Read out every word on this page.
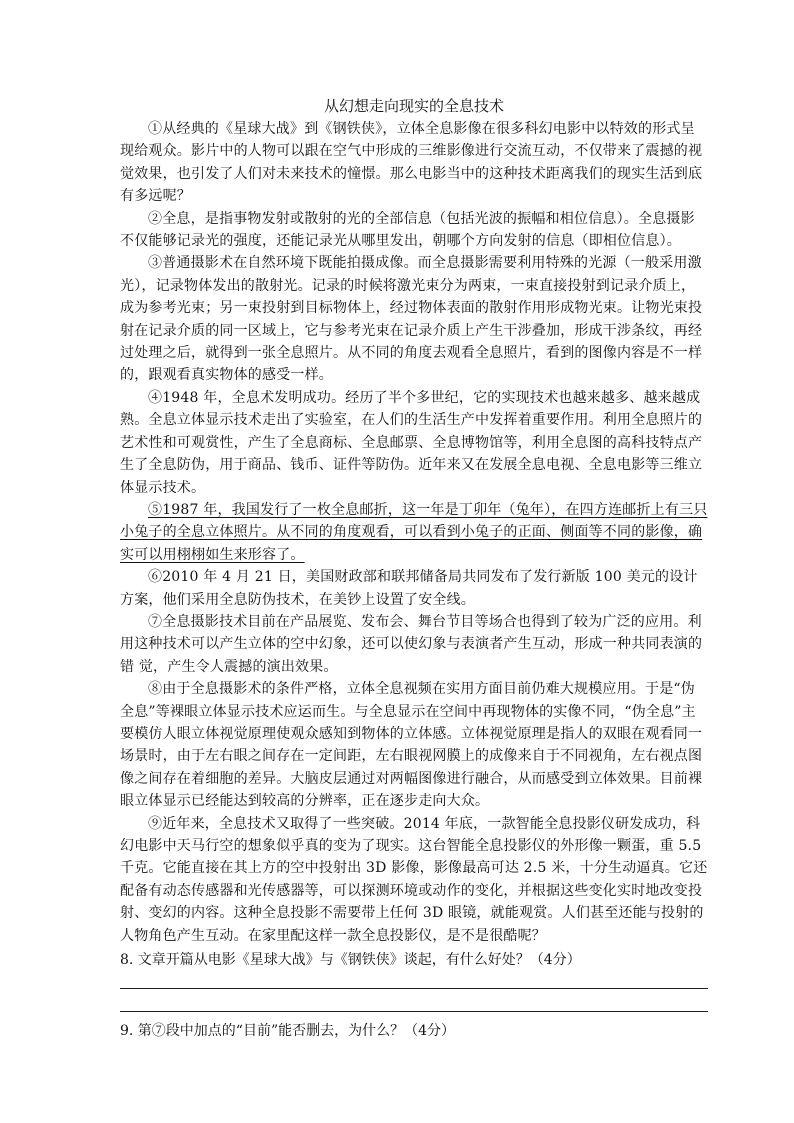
从幻想走向现实的全息技术

①从经典的《星球大战》到《钢铁侠》，立体全息影像在很多科幻电影中以特效的形式呈现给观众。影片中的人物可以跟在空气中形成的三维影像进行交流互动，不仅带来了震撼的视觉效果，也引发了人们对未来技术的憧憬。那么电影当中的这种技术距离我们的现实生活到底有多远呢？

②全息，是指事物发射或散射的光的全部信息（包括光波的振幅和相位信息）。全息摄影不仅能够记录光的强度，还能记录光从哪里发出，朝哪个方向发射的信息（即相位信息）。

③普通摄影术在自然环境下既能拍摄成像。而全息摄影需要利用特殊的光源（一般采用激光），记录物体发出的散射光。记录的时候将激光束分为两束，一束直接投射到记录介质上，成为参考光束；另一束投射到目标物体上，经过物体表面的散射作用形成物光束。让物光束投射在记录介质的同一区域上，它与参考光束在记录介质上产生干涉叠加，形成干涉条纹，再经过处理之后，就得到一张全息照片。从不同的角度去观看全息照片，看到的图像内容是不一样的，跟观看真实物体的感受一样。

④1948 年，全息术发明成功。经历了半个多世纪，它的实现技术也越来越多、越来越成熟。全息立体显示技术走出了实验室，在人们的生活生产中发挥着重要作用。利用全息照片的艺术性和可观赏性，产生了全息商标、全息邮票、全息博物馆等，利用全息图的高科技特点产生了全息防伪，用于商品、钱币、证件等防伪。近年来又在发展全息电视、全息电影等三维立体显示技术。

⑤1987 年，我国发行了一枚全息邮折，这一年是丁卯年（兔年），在四方连邮折上有三只小兔子的全息立体照片。从不同的角度观看，可以看到小兔子的正面、侧面等不同的影像，确实可以用栩栩如生来形容了。

⑥2010 年 4 月 21 日，美国财政部和联邦储备局共同发布了发行新版 100 美元的设计方案，他们采用全息防伪技术，在美钞上设置了安全线。

⑦全息摄影技术目前在产品展览、发布会、舞台节目等场合也得到了较为广泛的应用。利用这种技术可以产生立体的空中幻象，还可以使幻象与表演者产生互动，形成一种共同表演的错 觉，产生令人震撼的演出效果。

⑧由于全息摄影术的条件严格，立体全息视频在实用方面目前仍难大规模应用。于是“伪全息”等裸眼立体显示技术应运而生。与全息显示在空间中再现物体的实像不同，“伪全息”主要模仿人眼立体视觉原理使观众感知到物体的立体感。立体视觉原理是指人的双眼在观看同一场景时，由于左右眼之间存在一定间距，左右眼视网膜上的成像来自于不同视角，左右视点图像之间存在着细胞的差异。大脑皮层通过对两幅图像进行融合，从而感受到立体效果。目前裸眼立体显示已经能达到较高的分辨率，正在逐步走向大众。

⑨近年来，全息技术又取得了一些突破。2014 年底，一款智能全息投影仪研发成功，科幻电影中天马行空的想象似乎真的变为了现实。这台智能全息投影仪的外形像一颗蛋，重 5.5 千克。它能直接在其上方的空中投射出 3D 影像，影像最高可达 2.5 米，十分生动逼真。它还配备有动态传感器和光传感器等，可以探测环境或动作的变化，并根据这些变化实时地改变投射、变幻的内容。这种全息投影不需要带上任何 3D 眼镜，就能观赏。人们甚至还能与投射的人物角色产生互动。在家里配这样一款全息投影仪，是不是很酷呢？

8. 文章开篇从电影《星球大战》与《钢铁侠》谈起，有什么好处？（4分）

9. 第⑦段中加点的“目前”能否删去，为什么？（4分）
